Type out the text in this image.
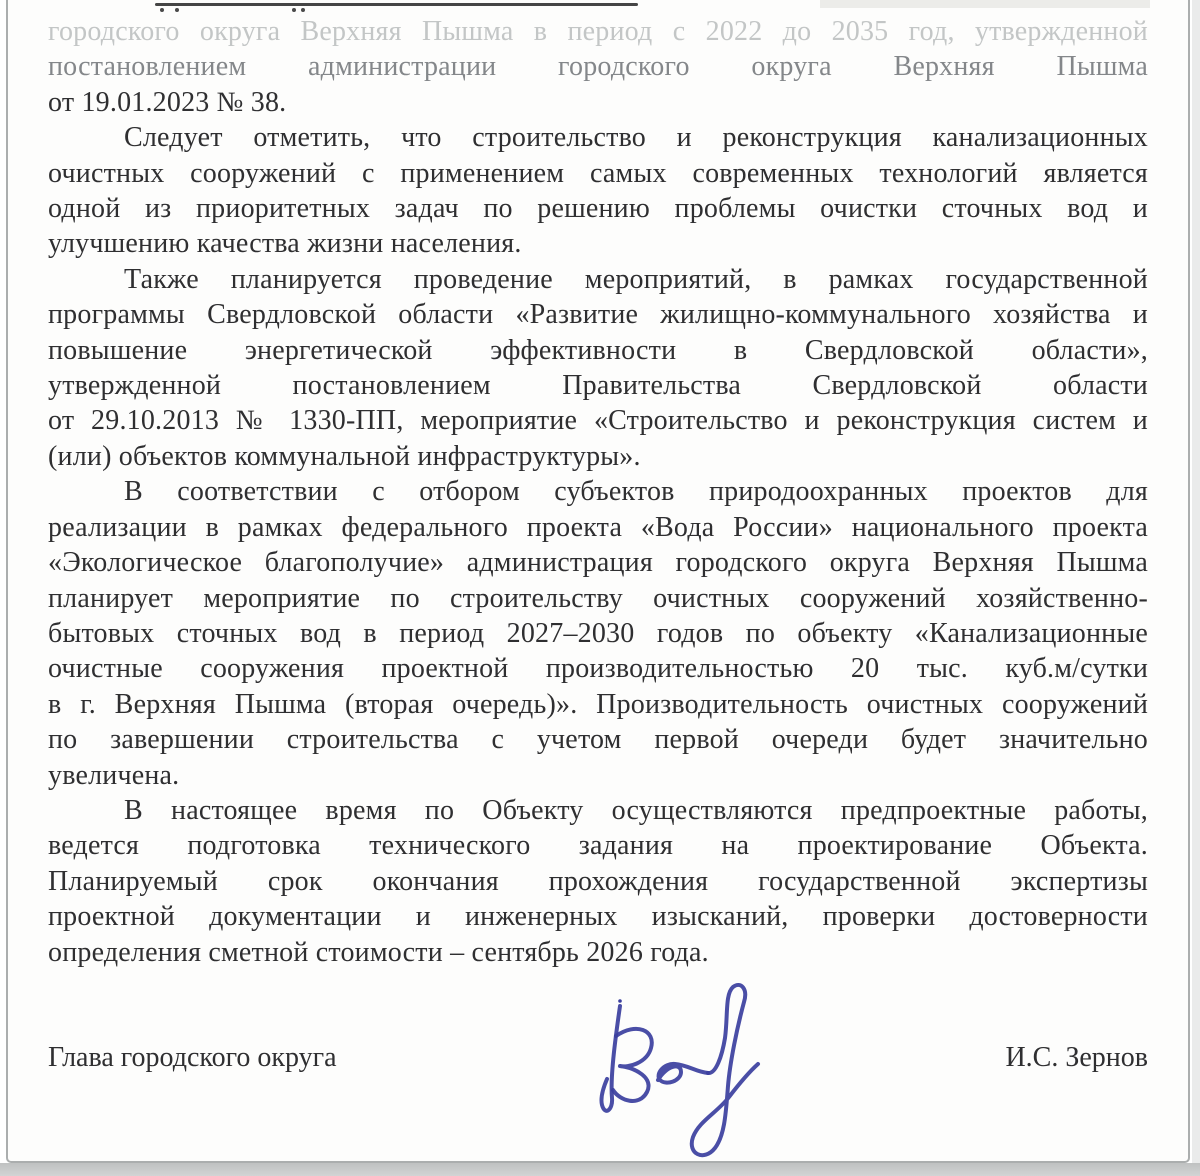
городского округа Верхняя Пышма в период с 2022 до 2035 год, утвержденной
постановлением администрации городского округа Верхняя Пышма
от 19.01.2023 № 38.
Следует отметить, что строительство и реконструкция канализационных
очистных сооружений с применением самых современных технологий является
одной из приоритетных задач по решению проблемы очистки сточных вод и
улучшению качества жизни населения.
Также планируется проведение мероприятий, в рамках государственной
программы Свердловской области «Развитие жилищно-коммунального хозяйства и
повышение энергетической эффективности в Свердловской области»,
утвержденной постановлением Правительства Свердловской области
от 29.10.2013 № 1330-ПП, мероприятие «Строительство и реконструкция систем и
(или) объектов коммунальной инфраструктуры».
В соответствии с отбором субъектов природоохранных проектов для
реализации в рамках федерального проекта «Вода России» национального проекта
«Экологическое благополучие» администрация городского округа Верхняя Пышма
планирует мероприятие по строительству очистных сооружений хозяйственно-
бытовых сточных вод в период 2027–2030 годов по объекту «Канализационные
очистные сооружения проектной производительностью 20 тыс. куб.м/сутки
в г. Верхняя Пышма (вторая очередь)». Производительность очистных сооружений
по завершении строительства с учетом первой очереди будет значительно
увеличена.
В настоящее время по Объекту осуществляются предпроектные работы,
ведется подготовка технического задания на проектирование Объекта.
Планируемый срок окончания прохождения государственной экспертизы
проектной документации и инженерных изысканий, проверки достоверности
определения сметной стоимости – сентябрь 2026 года.
Глава городского округа	И.С. Зернов
